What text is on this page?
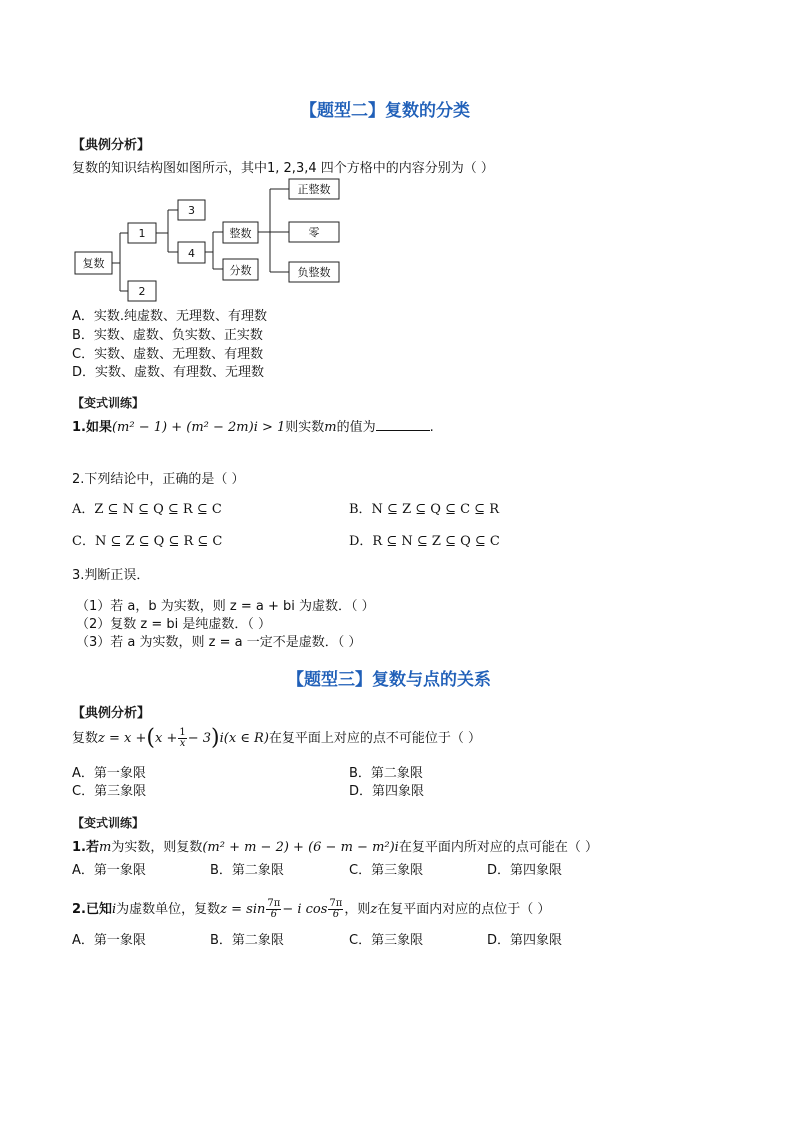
【题型二】复数的分类
【典例分析】
复数的知识结构图如图所示，其中1, 2,3,4 四个方格中的内容分别为（ ）
复数
1
2
3
4
整数
分数
正整数
零
负整数
A．实数.纯虚数、无理数、有理数
B．实数、虚数、负实数、正实数
C．实数、虚数、无理数、有理数
D．实数、虚数、有理数、无理数
【变式训练】
1.如果(m² − 1) + (m² − 2m)i > 1则实数m的值为	.
2.下列结论中，正确的是（ ）
A．Z ⊆ N ⊆ Q ⊆ R ⊆ C	B．N ⊆ Z ⊆ Q ⊆ C ⊆ R
C．N ⊆ Z ⊆ Q ⊆ R ⊆ C	D．R ⊆ N ⊆ Z ⊆ Q ⊆ C
3.判断正误．
（1）若 a，b 为实数，则 z = a + bi 为虚数．（ ）
（2）复数 z = bi 是纯虚数．（ ）
（3）若 a 为实数，则 z = a 一定不是虚数．（ ）
【题型三】复数与点的关系
【典例分析】
复数$z = x +(x + \frac{1}{x} - 3)i(x$ ∈ R)在复平面上对应的点不可能位于（ ）
A．第一象限	B．第二象限
C．第三象限	D．第四象限
【变式训练】
1.若m为实数，则复数(m² + m − 2) + (6 − m − m²)i在复平面内所对应的点可能在（ ）
A．第一象限	B．第二象限	C．第三象限	D．第四象限
2.已知i为虚数单位，复数$z = \sin \frac{7\pi}{6} - i$ $\cos \frac{7\pi}{6}$ ，则z在复平面内对应的点位于（ ）
A．第一象限	B．第二象限	C．第三象限	D．第四象限
